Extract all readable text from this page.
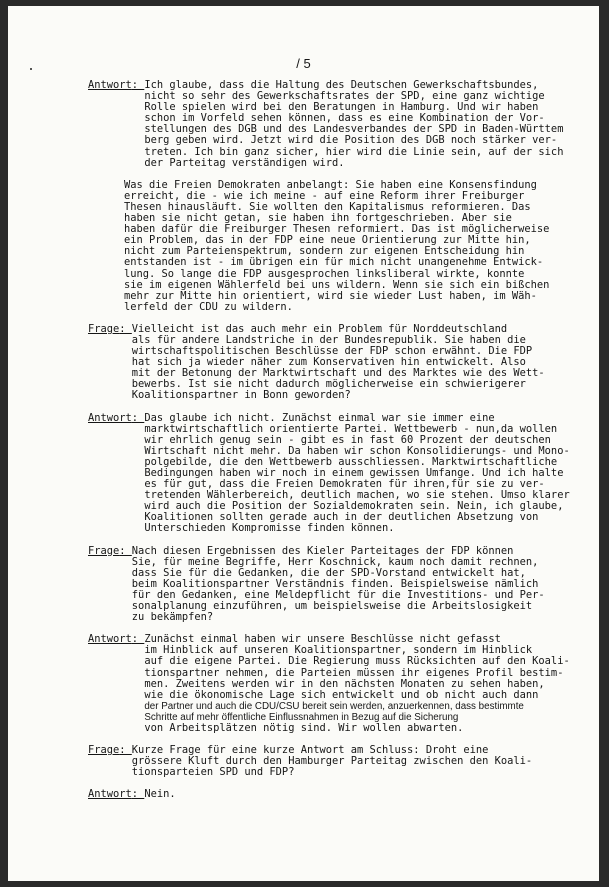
/ 5
Antwort :	Ich glaube, dass die Haltung des Deutschen Gewerkschaftsbundes,
nicht so sehr des Gewerkschaftsrates der SPD, eine ganz wichtige
Rolle spielen wird bei den Beratungen in Hamburg. Und wir haben
schon im Vorfeld sehen können, dass es eine Kombination der Vor-
stellungen des DGB und des Landesverbandes der SPD in Baden-Württem
berg geben wird. Jetzt wird die Position des DGB noch stärker ver-
treten. Ich bin ganz sicher, hier wird die Linie sein, auf der sich
der Parteitag verständigen wird.
Was die Freien Demokraten anbelangt: Sie haben eine Konsensfindung
erreicht, die - wie ich meine - auf eine Reform ihrer Freiburger
Thesen hinausläuft. Sie wollten den Kapitalismus reformieren. Das
haben sie nicht getan, sie haben ihn fortgeschrieben. Aber sie
haben dafür die Freiburger Thesen reformiert. Das ist möglicherweise
ein Problem, das in der FDP eine neue Orientierung zur Mitte hin,
nicht zum Parteienspektrum, sondern zur eigenen Entscheidung hin
entstanden ist - im übrigen ein für mich nicht unangenehme Entwick-
lung. So lange die FDP ausgesprochen linksliberal wirkte, konnte
sie im eigenen Wählerfeld bei uns wildern. Wenn sie sich ein bißchen
mehr zur Mitte hin orientiert, wird sie wieder Lust haben, im Wäh-
lerfeld der CDU zu wildern.
Frage :	Vielleicht ist das auch mehr ein Problem für Norddeutschland
als für andere Landstriche in der Bundesrepublik. Sie haben die
wirtschaftspolitischen Beschlüsse der FDP schon erwähnt. Die FDP
hat sich ja wieder näher zum Konservativen hin entwickelt. Also
mit der Betonung der Marktwirtschaft und des Marktes wie des Wett-
bewerbs. Ist sie nicht dadurch möglicherweise ein schwierigerer
Koalitionspartner in Bonn geworden?
Antwort :	Das glaube ich nicht. Zunächst einmal war sie immer eine
marktwirtschaftlich orientierte Partei. Wettbewerb - nun,da wollen
wir ehrlich genug sein - gibt es in fast 60 Prozent der deutschen
Wirtschaft nicht mehr. Da haben wir schon Konsolidierungs- und Mono-
polgebilde, die den Wettbewerb ausschliessen. Marktwirtschaftliche
Bedingungen haben wir noch in einem gewissen Umfange. Und ich halte
es für gut, dass die Freien Demokraten für ihren,für sie zu ver-
tretenden Wählerbereich, deutlich machen, wo sie stehen. Umso klarer
wird auch die Position der Sozialdemokraten sein. Nein, ich glaube,
Koalitionen sollten gerade auch in der deutlichen Absetzung von
Unterschieden Kompromisse finden können.
Frage :	Nach diesen Ergebnissen des Kieler Parteitages der FDP können
Sie, für meine Begriffe, Herr Koschnick, kaum noch damit rechnen,
dass Sie für die Gedanken, die der SPD-Vorstand entwickelt hat,
beim Koalitionspartner Verständnis finden. Beispielsweise nämlich
für den Gedanken, eine Meldepflicht für die Investitions- und Per-
sonalplanung einzuführen, um beispielsweise die Arbeitslosigkeit
zu bekämpfen?
Antwort :	Zunächst einmal haben wir unsere Beschlüsse nicht gefasst
im Hinblick auf unseren Koalitionspartner, sondern im Hinblick
auf die eigene Partei. Die Regierung muss Rücksichten auf den Koali-
tionspartner nehmen, die Parteien müssen ihr eigenes Profil bestim-
men. Zweitens werden wir in den nächsten Monaten zu sehen haben,
wie die ökonomische Lage sich entwickelt und ob nicht auch dann
der Partner und auch die CDU/CSU bereit sein werden, anzuerkennen, dass bestimmte
Schritte auf mehr öffentliche Einflussnahmen in Bezug auf die Sicherung
von Arbeitsplätzen nötig sind. Wir wollen abwarten.
Frage :	Kurze Frage für eine kurze Antwort am Schluss: Droht eine
grössere Kluft durch den Hamburger Parteitag zwischen den Koali-
tionsparteien SPD und FDP?
Antwort :	Nein.
